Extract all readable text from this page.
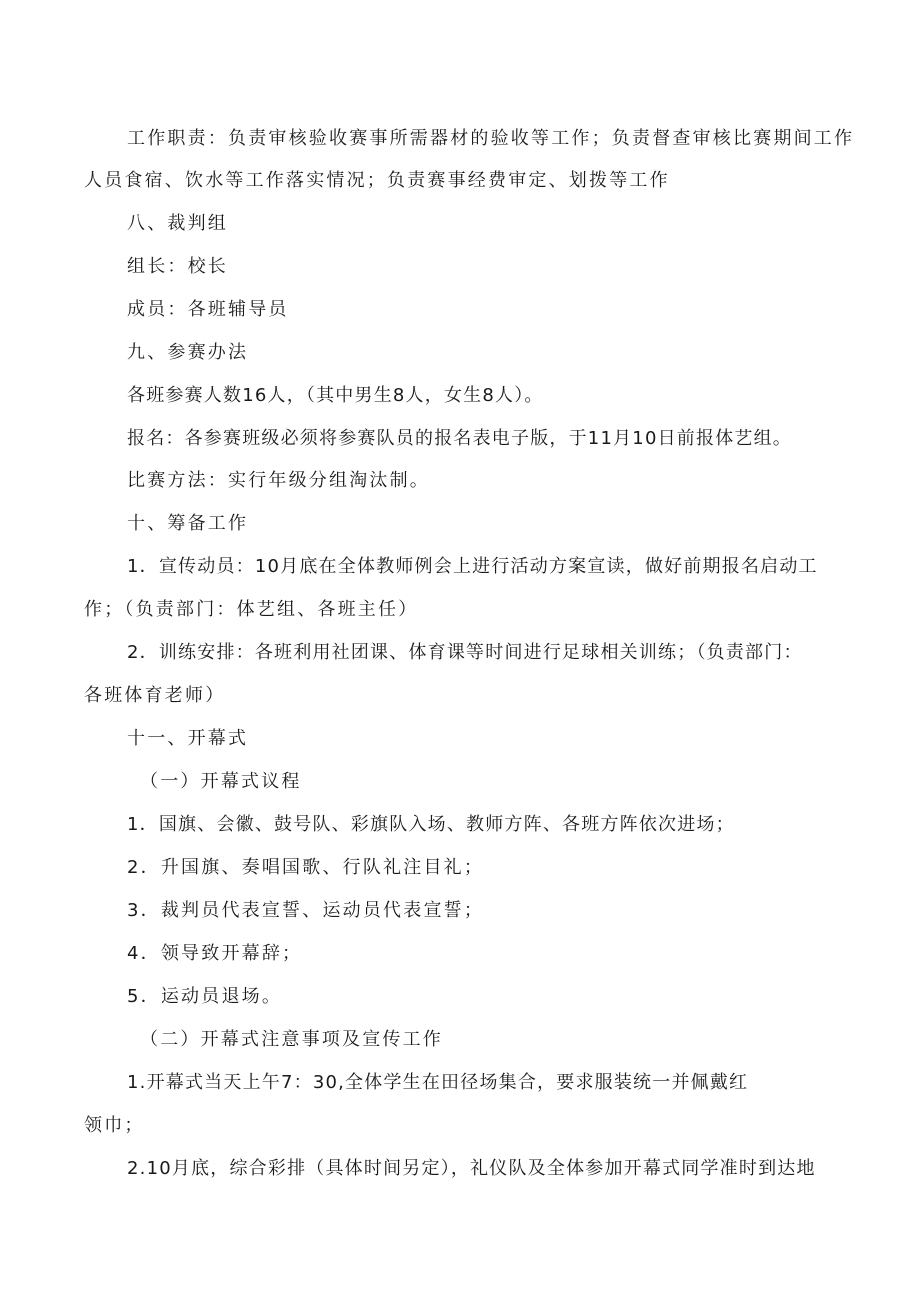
工作职责：负责审核验收赛事所需器材的验收等工作；负责督查审核比赛期间工作
人员食宿、饮水等工作落实情况；负责赛事经费审定、划拨等工作
八、裁判组
组长：校长
成员：各班辅导员
九、参赛办法
各班参赛人数16人，（其中男生8人，女生8人）。
报名：各参赛班级必须将参赛队员的报名表电子版，于11月10日前报体艺组。
比赛方法：实行年级分组淘汰制。
十、筹备工作
1．宣传动员：10月底在全体教师例会上进行活动方案宣读，做好前期报名启动工
作；（负责部门：体艺组、各班主任）
2．训练安排：各班利用社团课、体育课等时间进行足球相关训练；（负责部门：
各班体育老师）
十一、开幕式
（一）开幕式议程
1．国旗、会徽、鼓号队、彩旗队入场、教师方阵、各班方阵依次进场；
2．升国旗、奏唱国歌、行队礼注目礼；
3．裁判员代表宣誓、运动员代表宣誓；
4．领导致开幕辞；
5．运动员退场。
（二）开幕式注意事项及宣传工作
1.开幕式当天上午7：30,全体学生在田径场集合，要求服装统一并佩戴红
领巾；
2.10月底，综合彩排（具体时间另定），礼仪队及全体参加开幕式同学准时到达地
